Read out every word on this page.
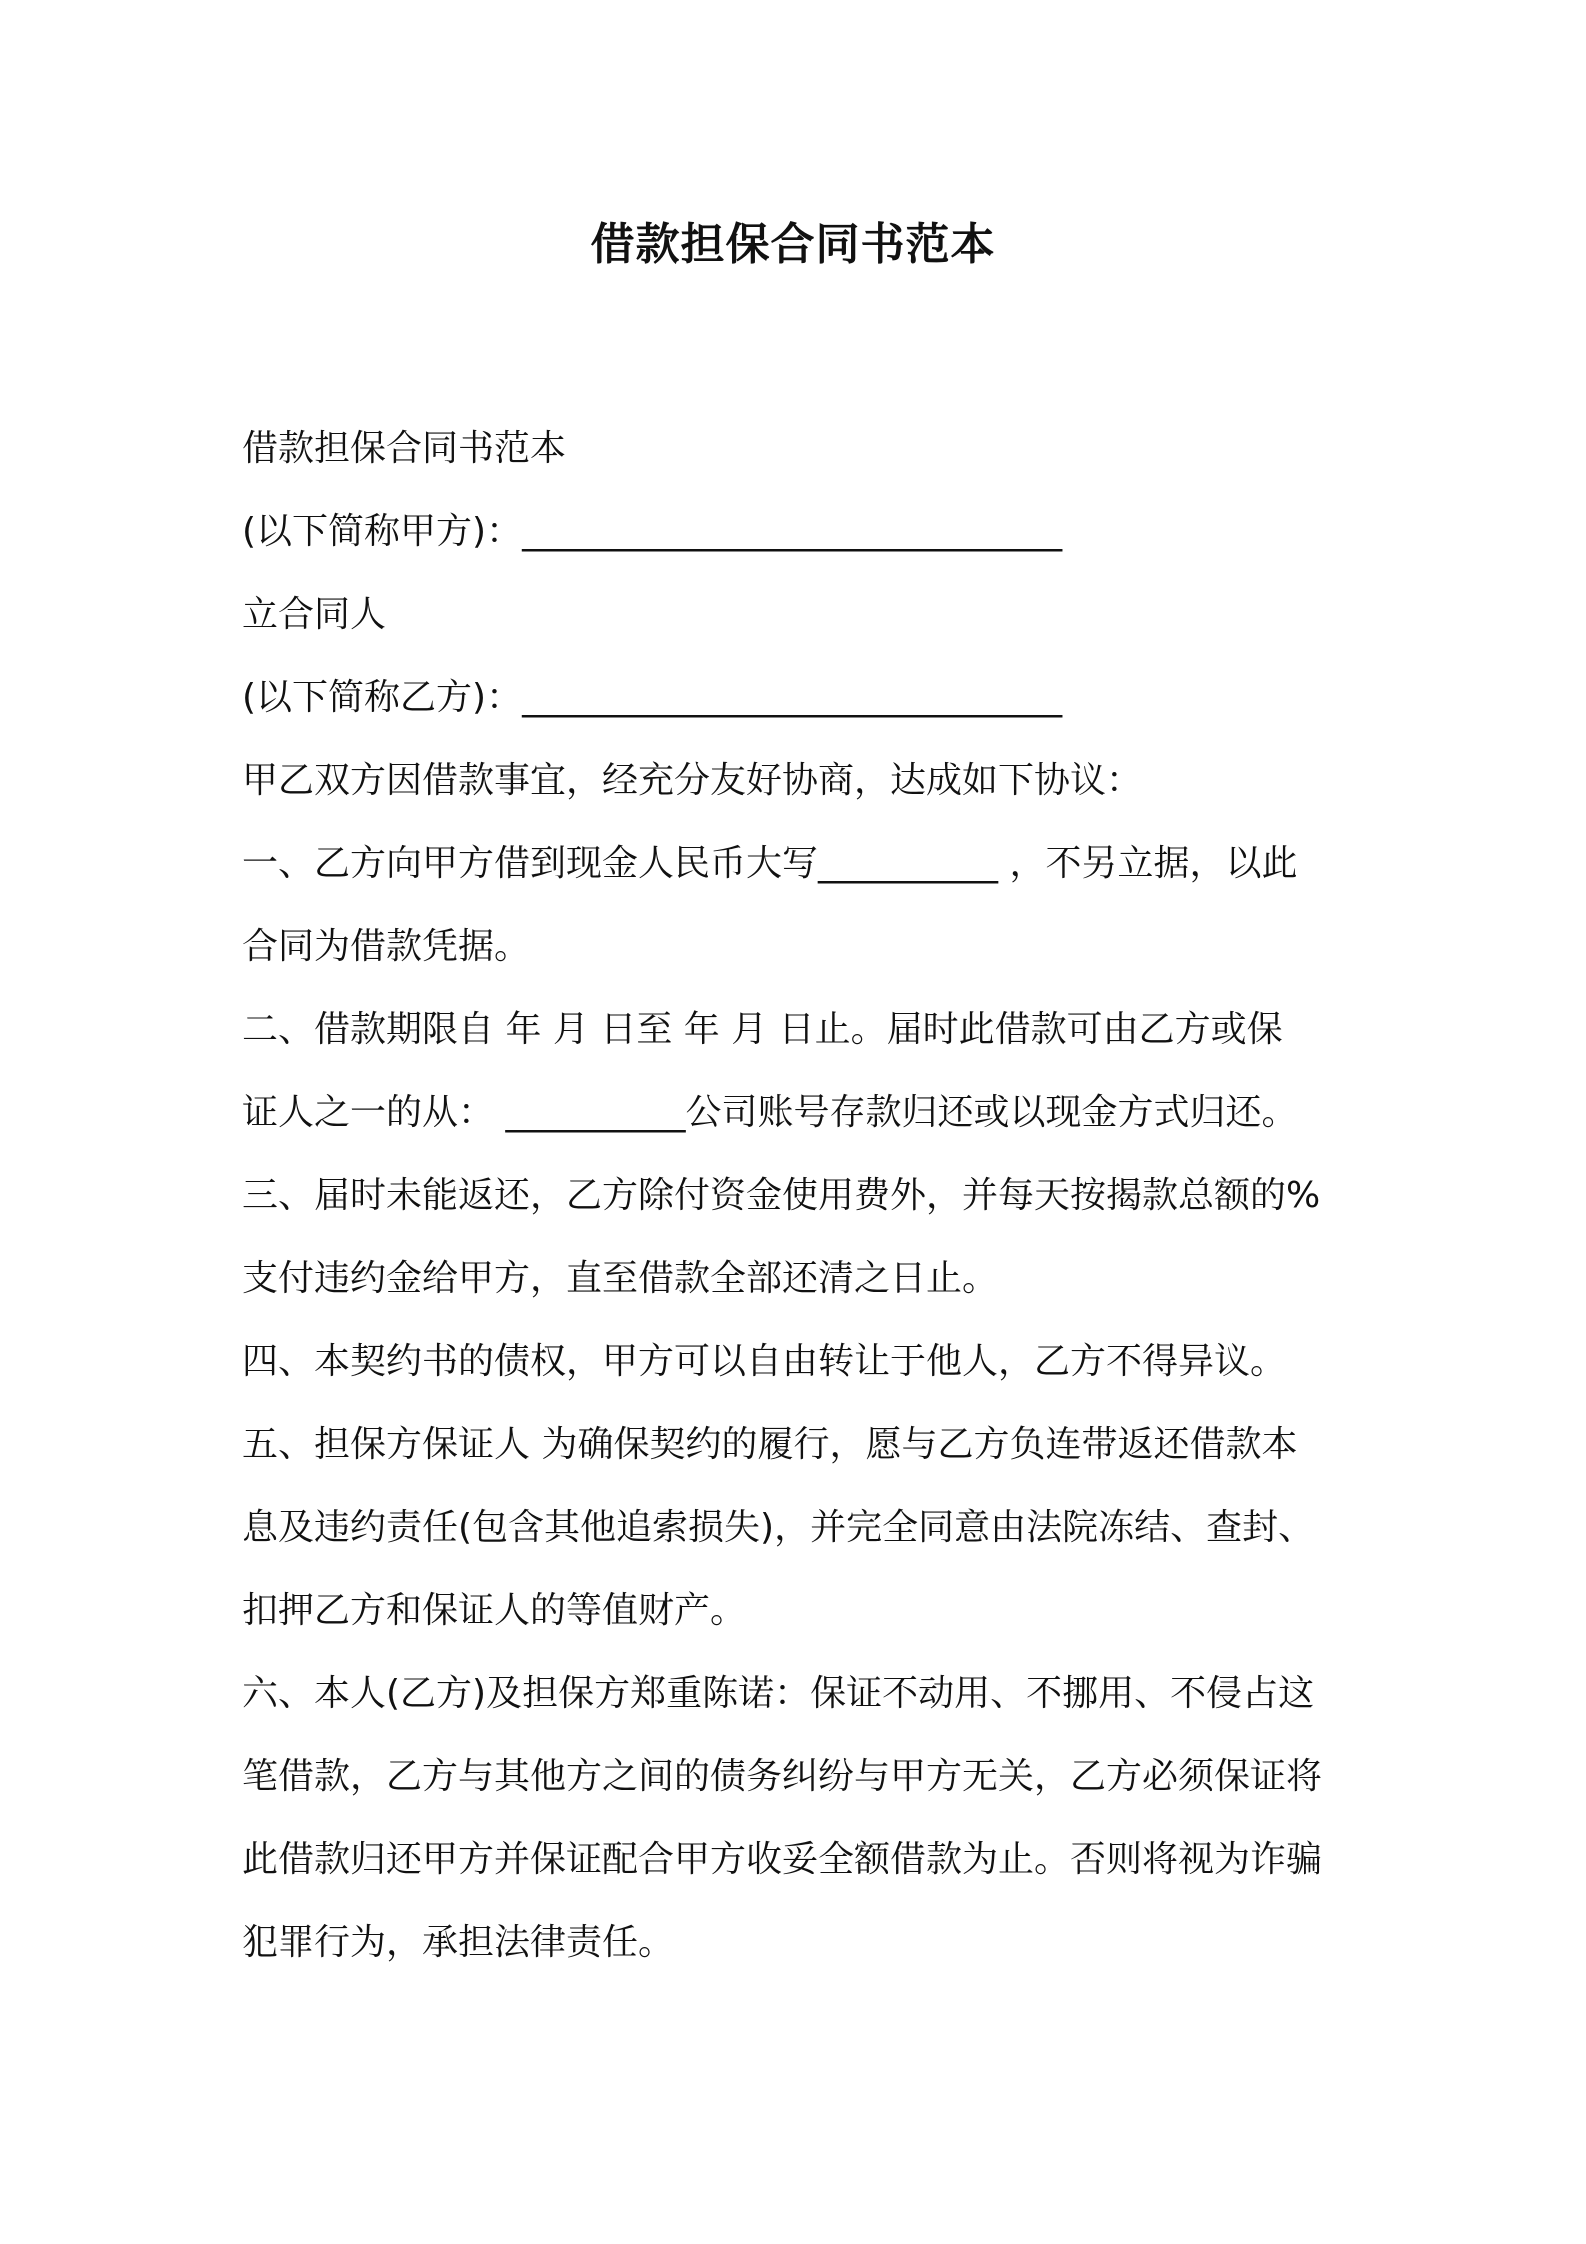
借款担保合同书范本

借款担保合同书范本

(以下简称甲方)：______________________________

立合同人

(以下简称乙方)：______________________________

甲乙双方因借款事宜，经充分友好协商，达成如下协议：

一、乙方向甲方借到现金人民币大写__________ ，不另立据，以此

合同为借款凭据。

二、借款期限自 年 月 日至 年 月 日止。届时此借款可由乙方或保

证人之一的从： __________公司账号存款归还或以现金方式归还。

三、届时未能返还，乙方除付资金使用费外，并每天按揭款总额的%

支付违约金给甲方，直至借款全部还清之日止。

四、本契约书的债权，甲方可以自由转让于他人，乙方不得异议。

五、担保方保证人 为确保契约的履行，愿与乙方负连带返还借款本

息及违约责任(包含其他追索损失)，并完全同意由法院冻结、查封、

扣押乙方和保证人的等值财产。

六、本人(乙方)及担保方郑重陈诺：保证不动用、不挪用、不侵占这

笔借款，乙方与其他方之间的债务纠纷与甲方无关，乙方必须保证将

此借款归还甲方并保证配合甲方收妥全额借款为止。否则将视为诈骗

犯罪行为，承担法律责任。
